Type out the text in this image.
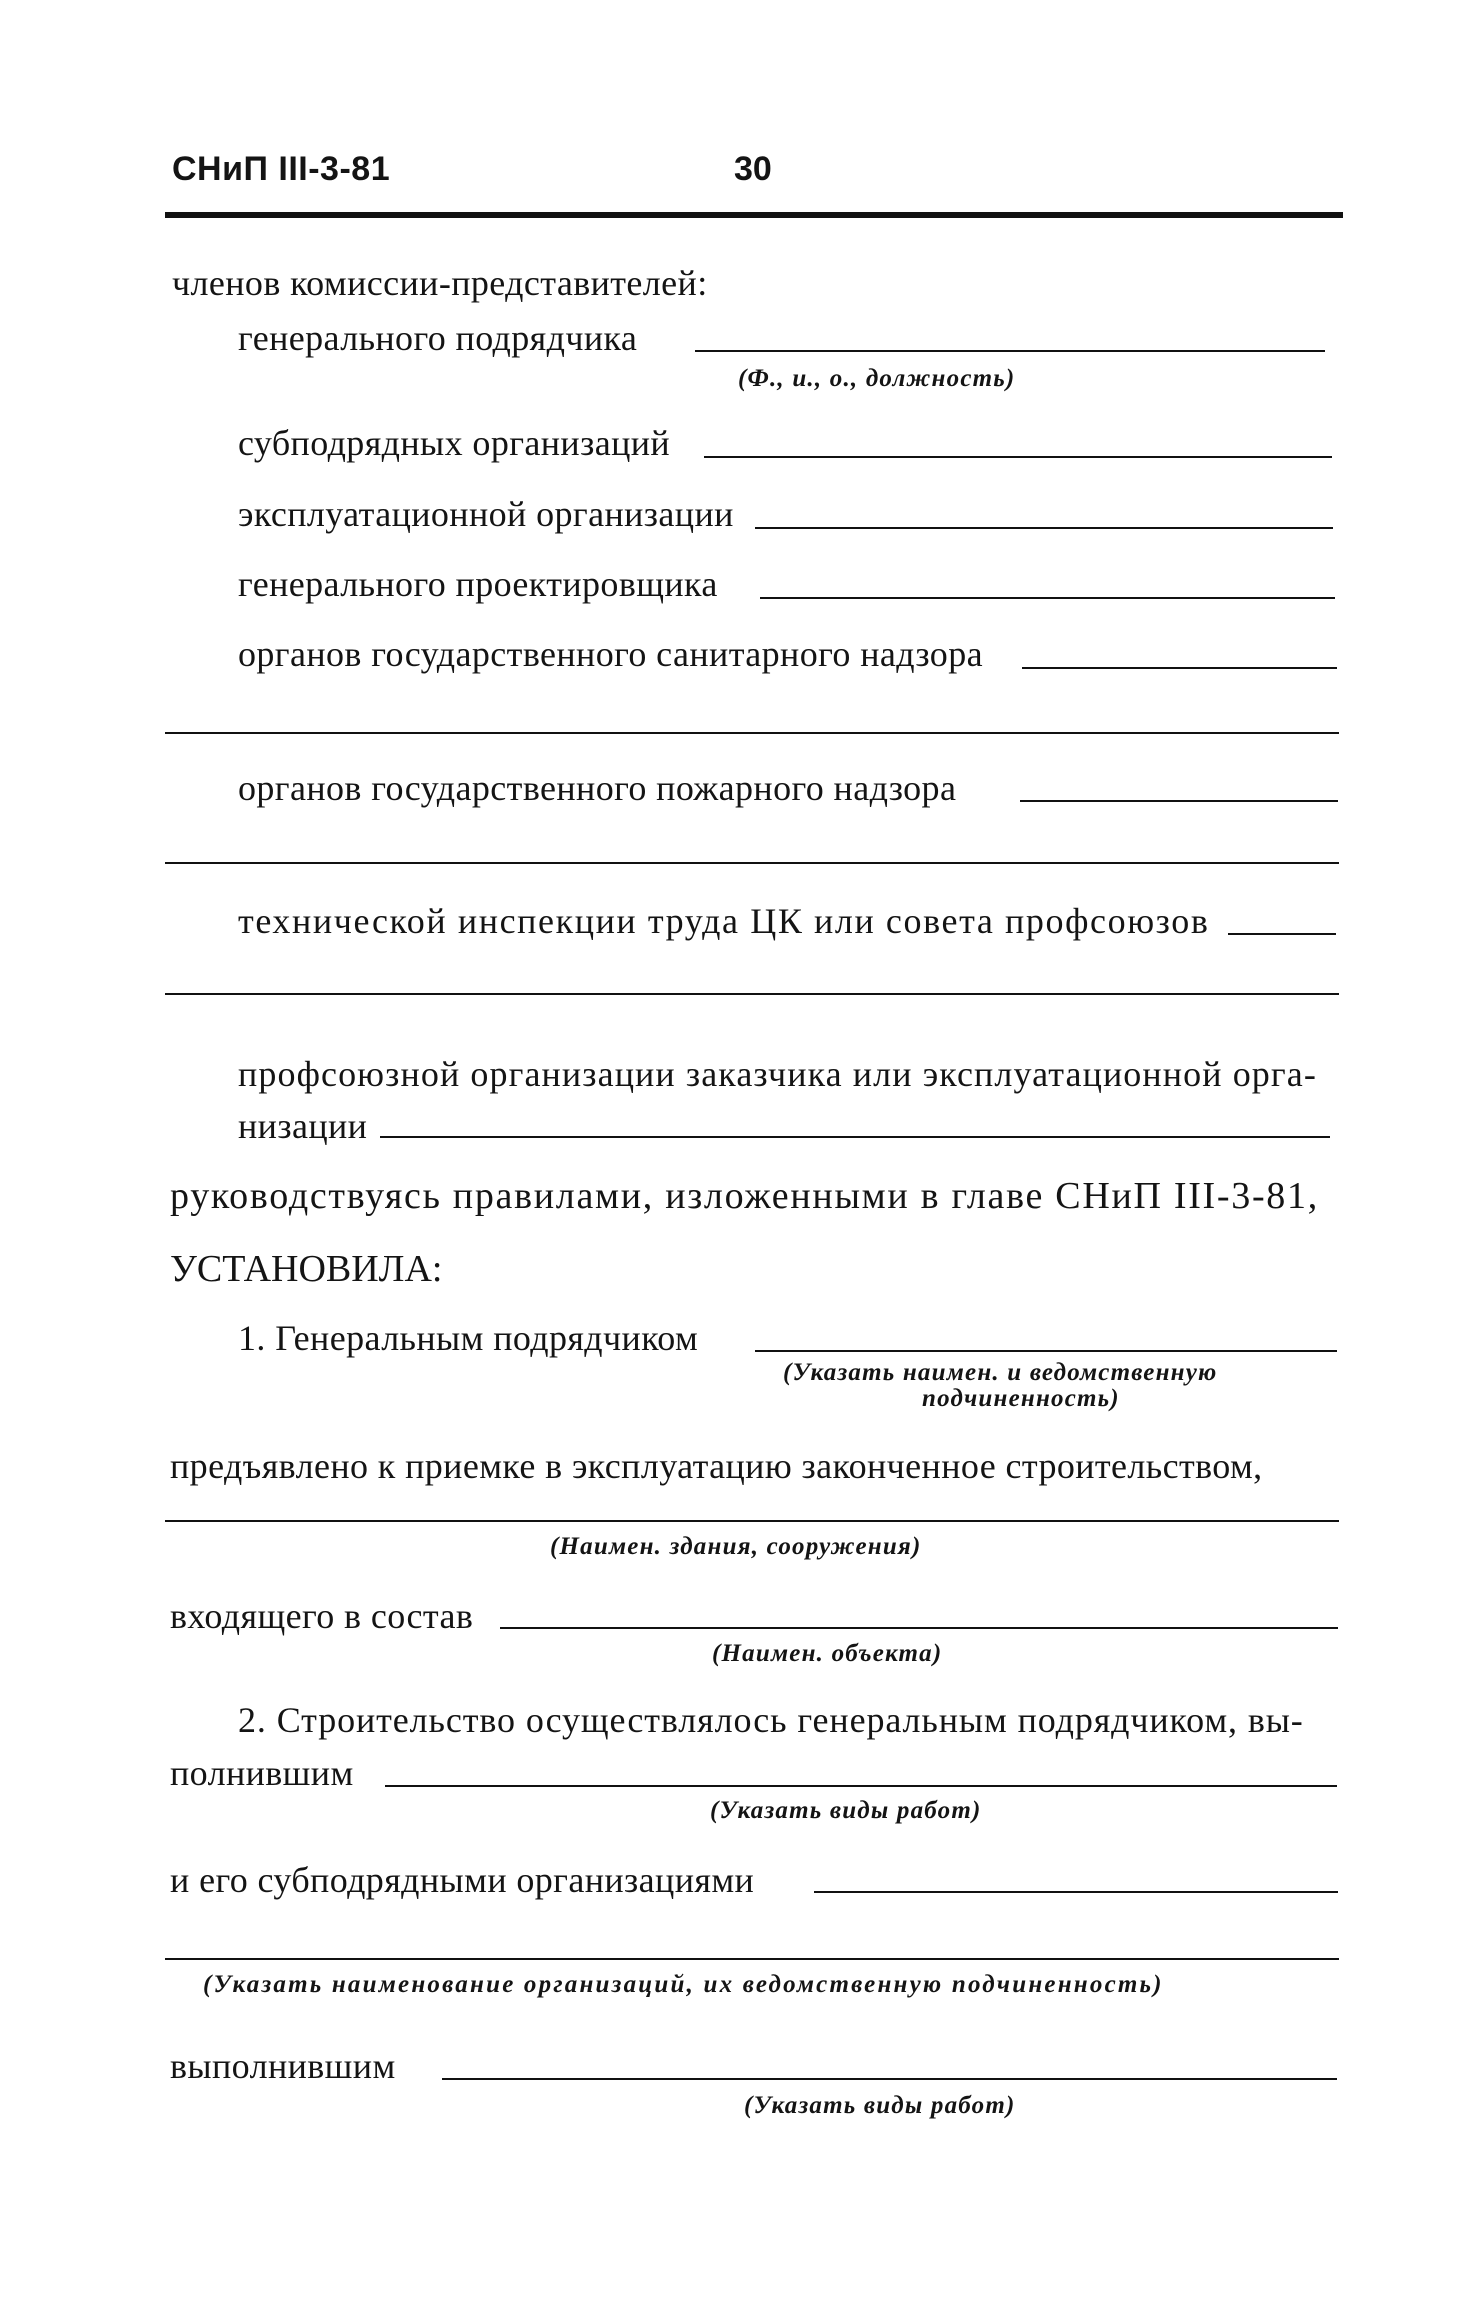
СНиП III-3-81	30
членов комиссии-представителей:
генерального подрядчика
(Ф., и., о., должность)
субподрядных организаций
эксплуатационной организации
генерального проектировщика
органов государственного санитарного надзора
органов государственного пожарного надзора
технической инспекции труда ЦК или совета профсоюзов
профсоюзной организации заказчика или эксплуатационной орга-
низации
руководствуясь правилами, изложенными в главе СНиП III-3-81,
УСТАНОВИЛА:
1. Генеральным подрядчиком
(Указать наимен. и ведомственную
подчиненность)
предъявлено к приемке в эксплуатацию законченное строительством,
(Наимен. здания, сооружения)
входящего в состав
(Наимен. объекта)
2. Строительство осуществлялось генеральным подрядчиком, вы-
полнившим
(Указать виды работ)
и его субподрядными организациями
(Указать наименование организаций, их ведомственную подчиненность)
выполнившим
(Указать виды работ)
